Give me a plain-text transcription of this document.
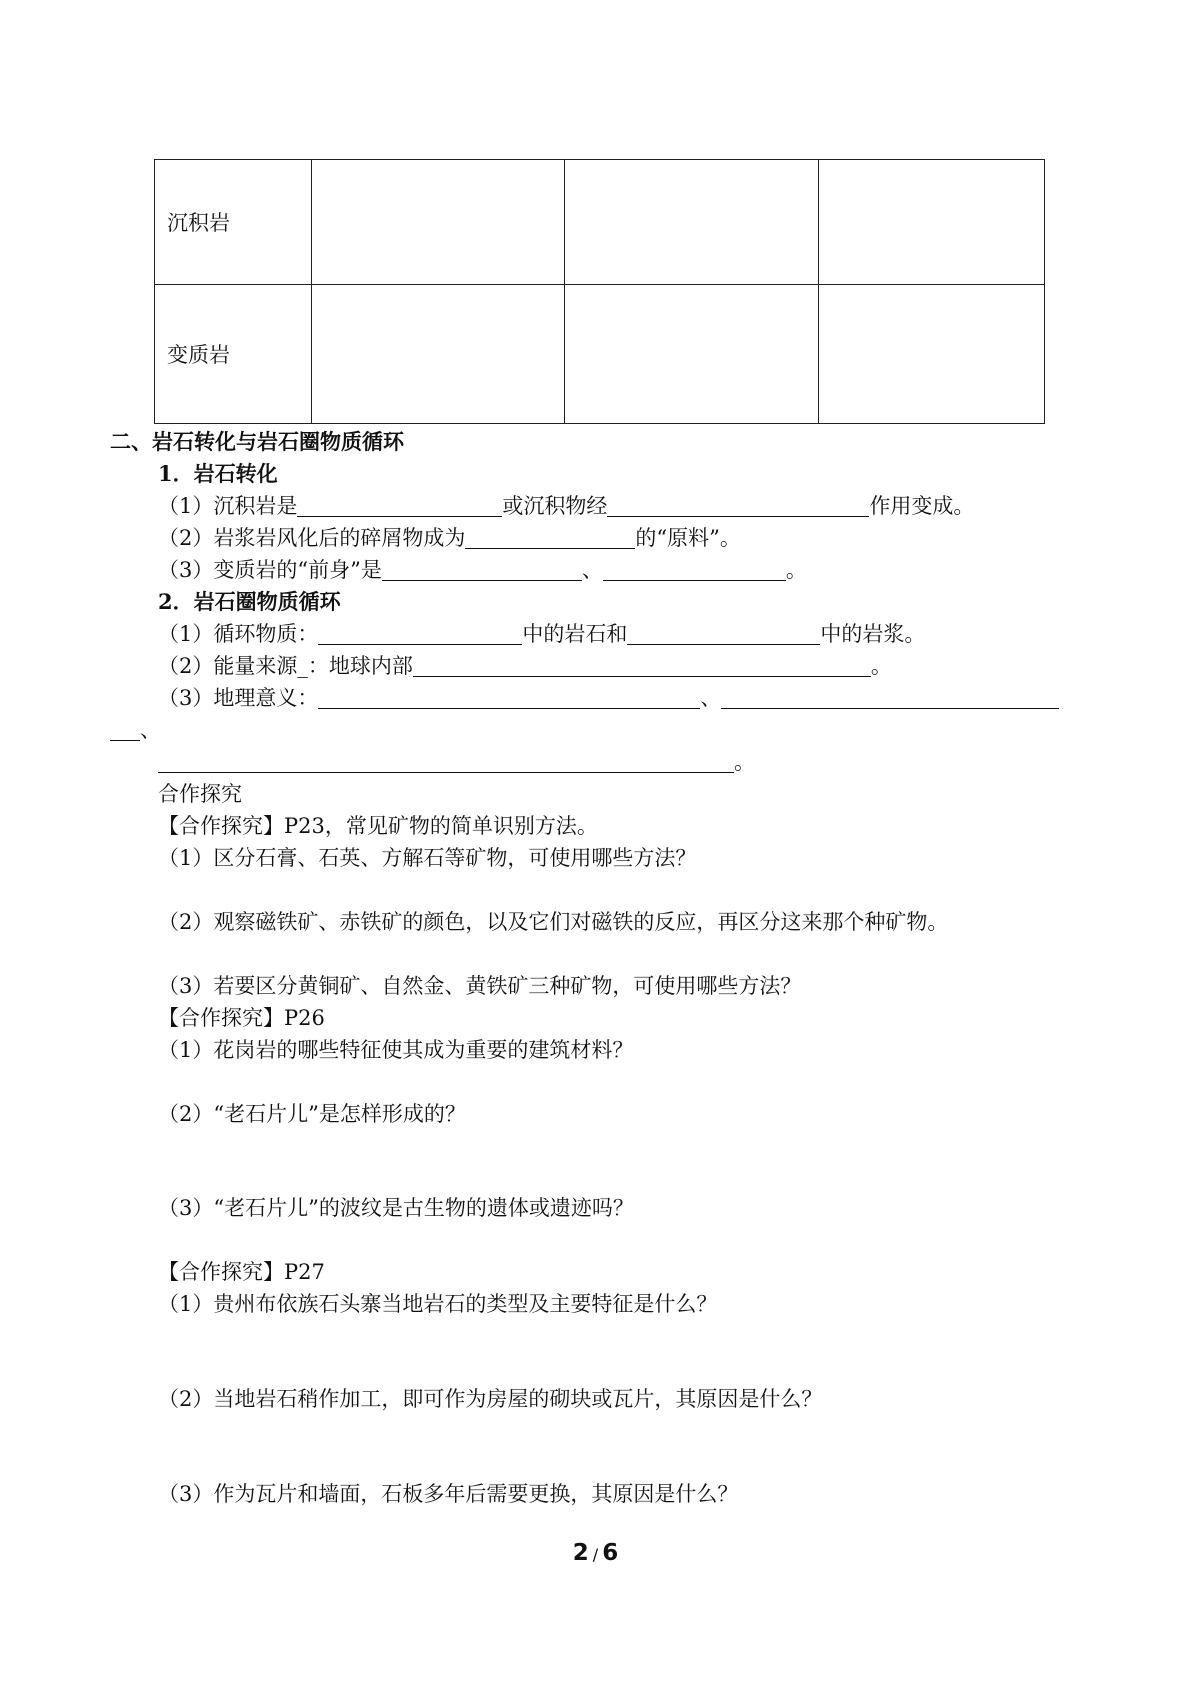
沉积岩			
变质岩			
二、岩石转化与岩石圈物质循环
1．岩石转化
（1）沉积岩是	或沉积物经	作用变成。
（2）岩浆岩风化后的碎屑物成为	的“原料”。
（3）变质岩的“前身”是	、	。
2．岩石圈物质循环
（1）循环物质：	中的岩石和	中的岩浆。
（2）能量来源_：地球内部	。
（3）地理意义：	、
、
。
合作探究
【合作探究】P23，常见矿物的简单识别方法。
（1）区分石膏、石英、方解石等矿物，可使用哪些方法？
（2）观察磁铁矿、赤铁矿的颜色，以及它们对磁铁的反应，再区分这来那个种矿物。
（3）若要区分黄铜矿、自然金、黄铁矿三种矿物，可使用哪些方法？
【合作探究】P26
（1）花岗岩的哪些特征使其成为重要的建筑材料？
（2）“老石片儿”是怎样形成的？
（3）“老石片儿”的波纹是古生物的遗体或遗迹吗？
【合作探究】P27
（1）贵州布依族石头寨当地岩石的类型及主要特征是什么？
（2）当地岩石稍作加工，即可作为房屋的砌块或瓦片，其原因是什么？
（3）作为瓦片和墙面，石板多年后需要更换，其原因是什么？
2 / 6
